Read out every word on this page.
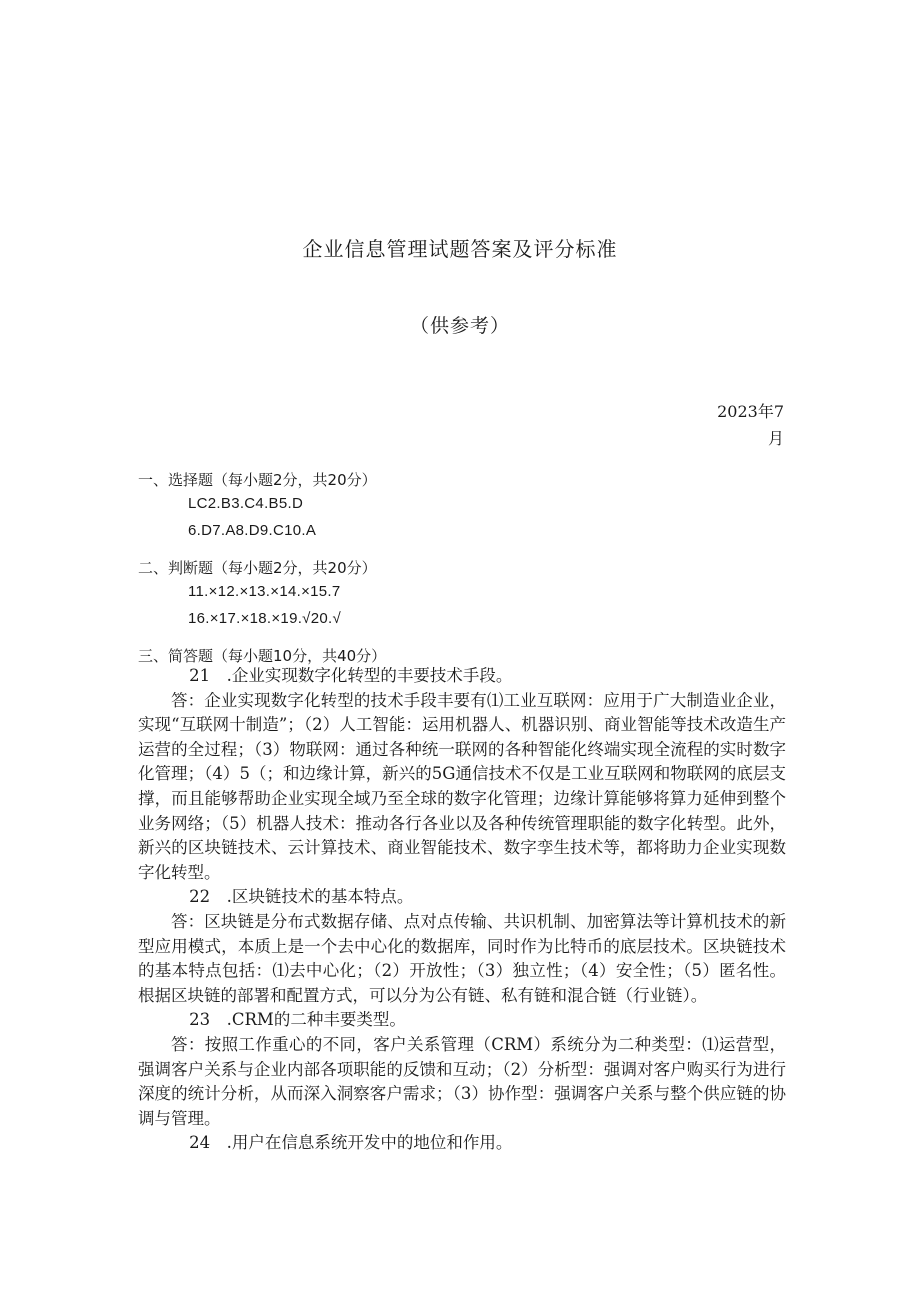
企业信息管理试题答案及评分标准
（供参考）
2023年7
月
一、选择题（每小题2分，共20分）
LC2.B3.C4.B5.D
6.D7.A8.D9.C10.A
二、判断题（每小题2分，共20分）
11.×12.×13.×14.×15.7
16.×17.×18.×19.√20.√
三、简答题（每小题10分，共40分）

21　.企业实现数字化转型的丰要技术手段。

答：企业实现数字化转型的技术手段丰要有⑴工业互联网：应用于广大制造业企业，实现“互联网十制造”；（2）人工智能：运用机器人、机器识别、商业智能等技术改造生产运营的全过程；（3）物联网：通过各种统一联网的各种智能化终端实现全流程的实时数字化管理；（4）5（；和边缘计算，新兴的5G通信技术不仅是工业互联网和物联网的底层支撑，而且能够帮助企业实现全域乃至全球的数字化管理；边缘计算能够将算力延伸到整个业务网络；（5）机器人技术：推动各行各业以及各种传统管理职能的数字化转型。此外，新兴的区块链技术、云计算技术、商业智能技术、数字孪生技术等，都将助力企业实现数字化转型。

22　.区块链技术的基本特点。

答：区块链是分布式数据存储、点对点传输、共识机制、加密算法等计算机技术的新型应用模式，本质上是一个去中心化的数据库，同时作为比特币的底层技术。区块链技术的基本特点包括：⑴去中心化；（2）开放性；（3）独立性；（4）安全性；（5）匿名性。根据区块链的部署和配置方式，可以分为公有链、私有链和混合链（行业链）。

23　.CRM的二种丰要类型。

答：按照工作重心的不同，客户关系管理（CRM）系统分为二种类型：⑴运营型，强调客户关系与企业内部各项职能的反馈和互动；（2）分析型：强调对客户购买行为进行深度的统计分析，从而深入洞察客户需求；（3）协作型：强调客户关系与整个供应链的协调与管理。

24　.用户在信息系统开发中的地位和作用。
